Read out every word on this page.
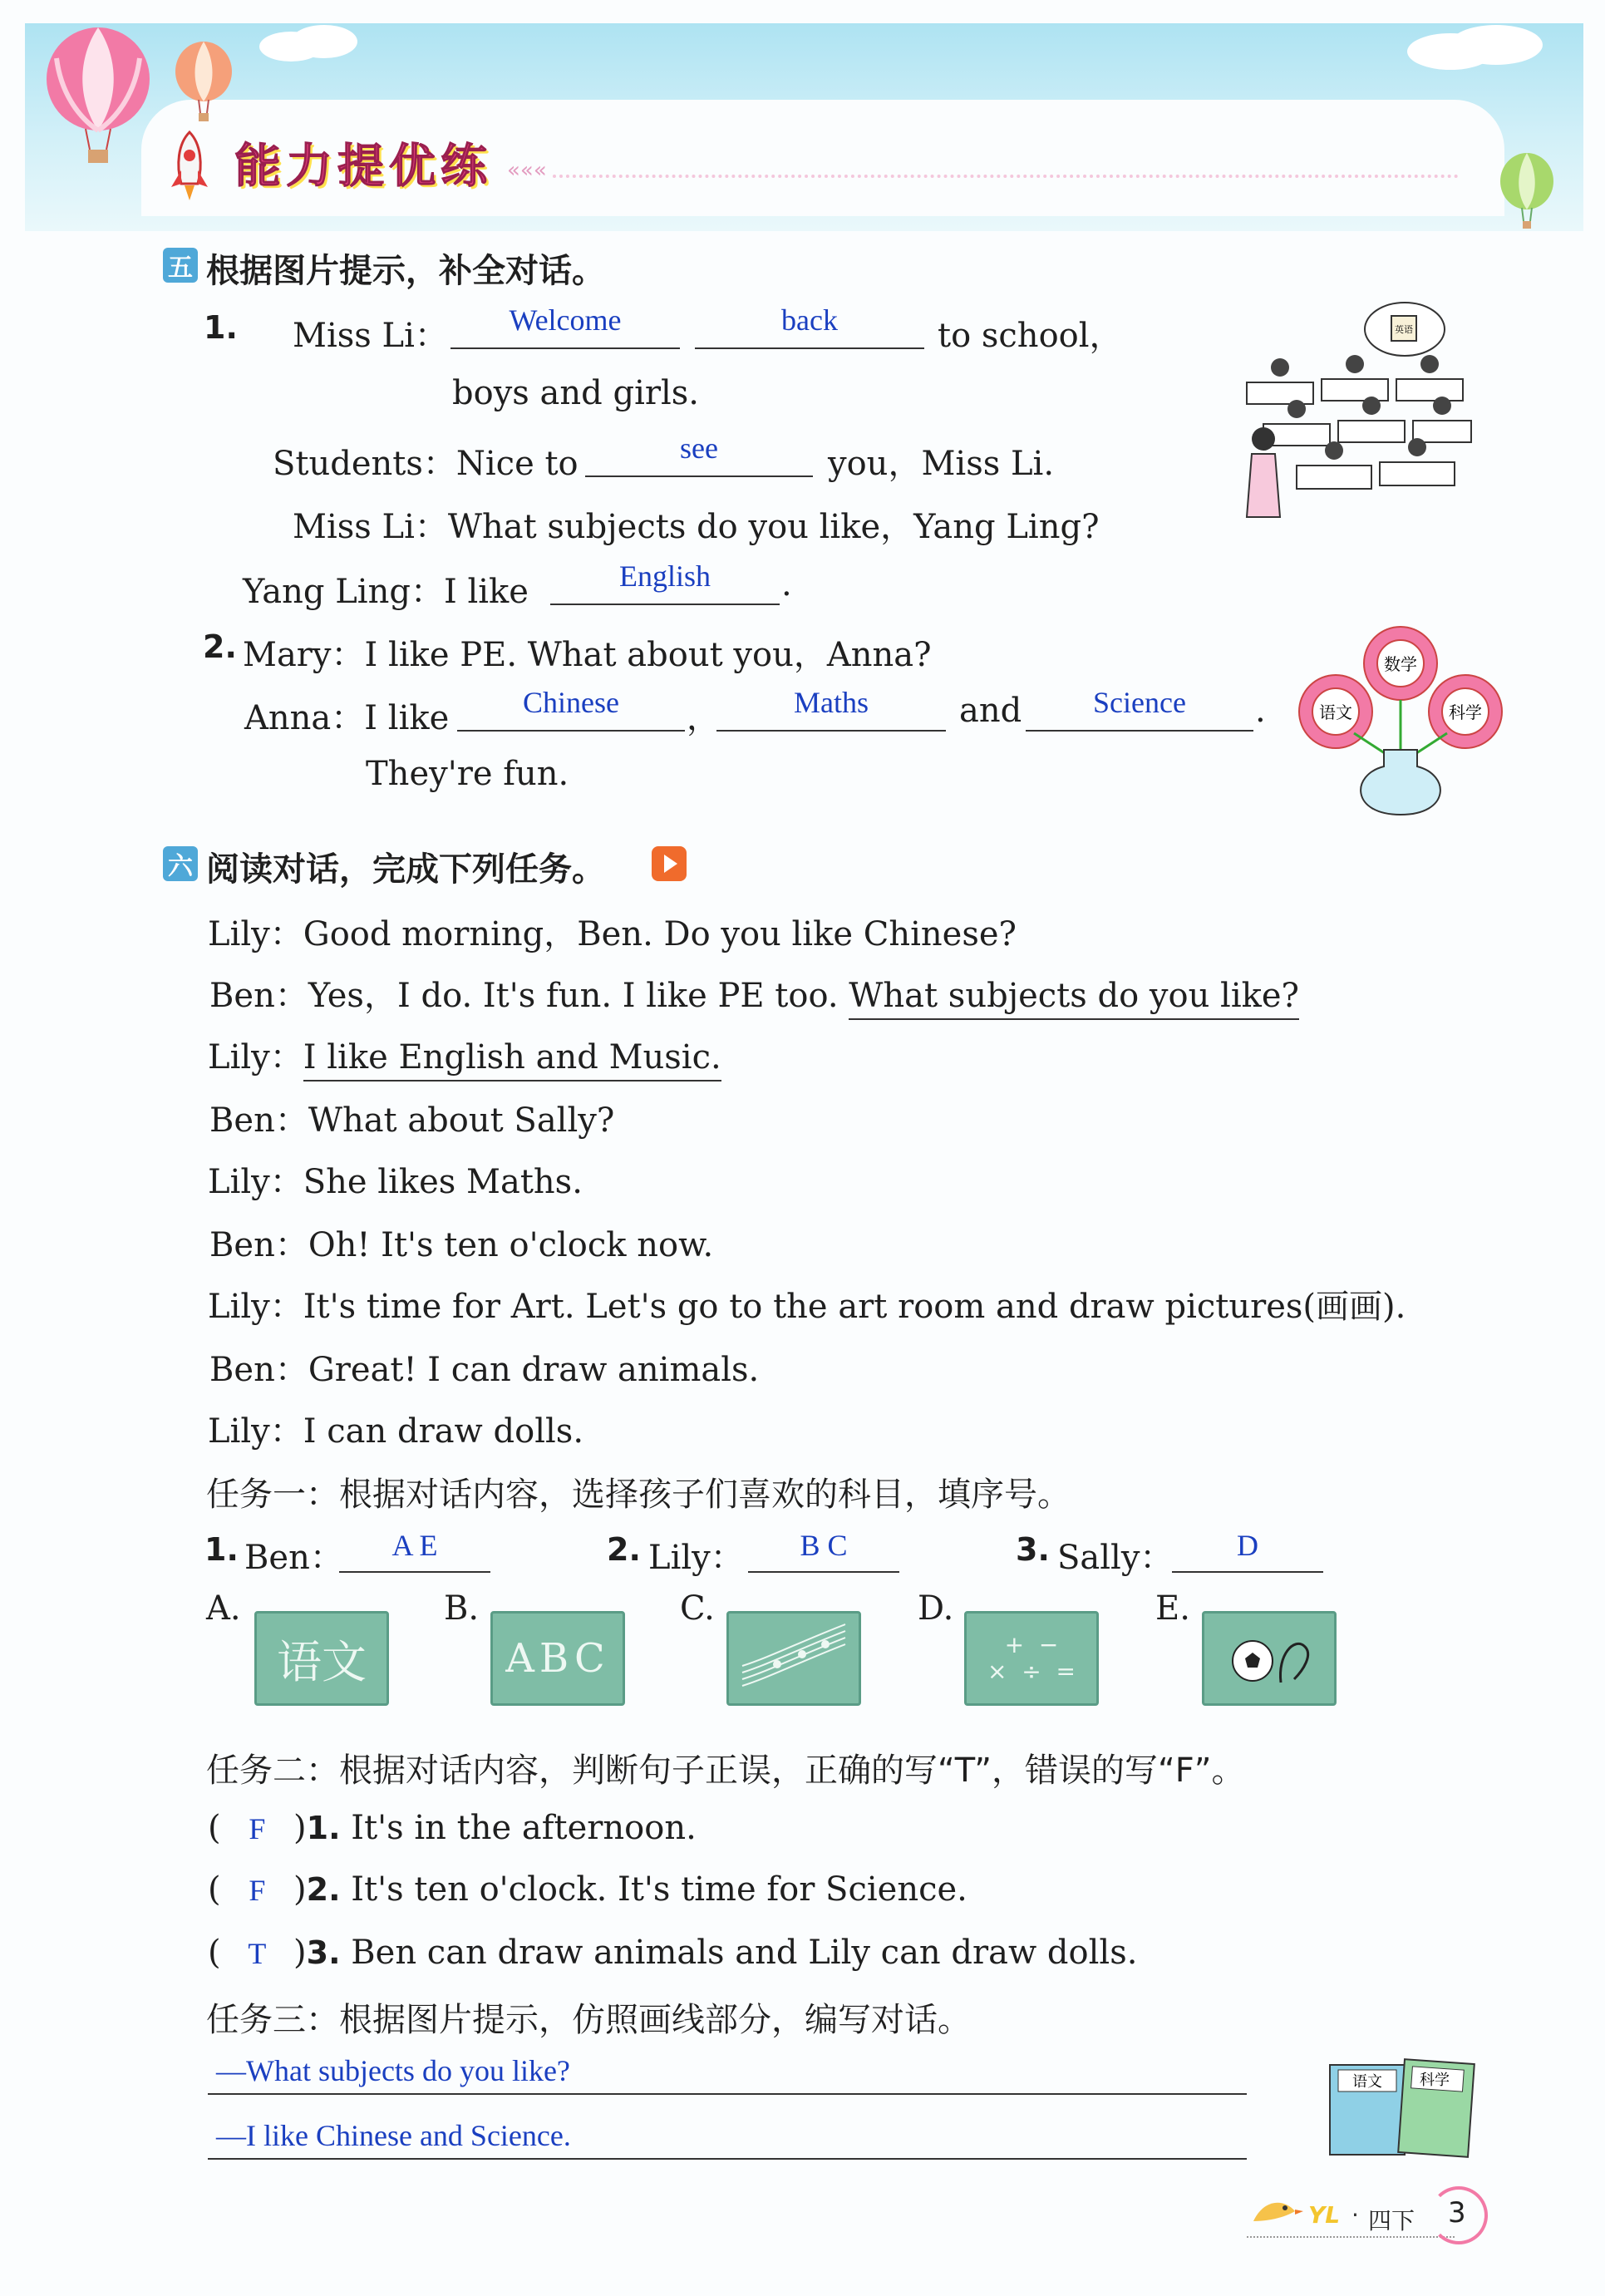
能力提优练 «««
五 根据图片提示，补全对话。
1. Miss Li：	Welcome	back	to school，
boys and girls.
Students：Nice to	see	you，Miss Li.
Miss Li：What subjects do you like，Yang Ling?
Yang Ling：I like	English	.
英语
2. Mary：I like PE. What about you，Anna?
Anna：I like	Chinese	，	Maths	and	Science	.
They're fun.
数学
语文	科学
六 阅读对话，完成下列任务。
Lily：Good morning，Ben. Do you like Chinese?
Ben：Yes，I do. It's fun. I like PE too. What subjects do you like?
Lily：I like English and Music.
Ben：What about Sally?
Lily：She likes Maths.
Ben：Oh! It's ten o'clock now.
Lily：It's time for Art. Let's go to the art room and draw pictures(画画).
Ben：Great! I can draw animals.
Lily：I can draw dolls.
任务一：根据对话内容，选择孩子们喜欢的科目，填序号。
1. Ben：	A E	2. Lily：	B C	3. Sally：	D
A.
语文
B.
ABC
C.	D.
+  −
×  ÷  =
E.
任务二：根据对话内容，判断句子正误，正确的写“T”，错误的写“F”。
( F )1. It's in the afternoon.
( F )2. It's ten o'clock. It's time for Science.
( T )3. Ben can draw animals and Lily can draw dolls.
任务三：根据图片提示，仿照画线部分，编写对话。
—What subjects do you like?
—I like Chinese and Science.
语文	科学
YL · 四下 3
